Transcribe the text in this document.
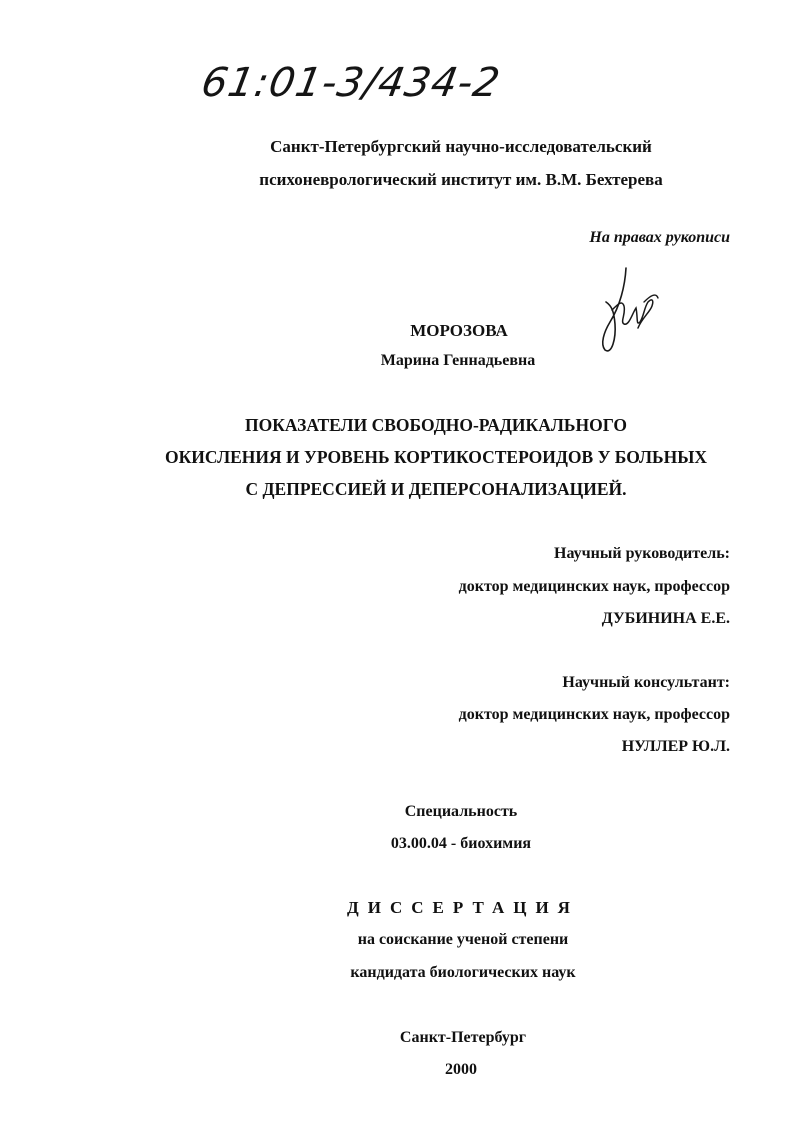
61:01-3/434-2

Санкт-Петербургский научно-исследовательский

психоневрологический институт им. В.М. Бехтерева

На правах рукописи

МОРОЗОВА

Марина Геннадьевна

ПОКАЗАТЕЛИ СВОБОДНО-РАДИКАЛЬНОГО

ОКИСЛЕНИЯ И УРОВЕНЬ КОРТИКОСТЕРОИДОВ У БОЛЬНЫХ

С ДЕПРЕССИЕЙ И ДЕПЕРСОНАЛИЗАЦИЕЙ.

Научный руководитель:

доктор медицинских наук, профессор

ДУБИНИНА Е.Е.

Научный консультант:

доктор медицинских наук, профессор

НУЛЛЕР Ю.Л.

Специальность

03.00.04 - биохимия

ДИССЕРТАЦИЯ

на соискание ученой степени

кандидата биологических наук

Санкт-Петербург

2000
